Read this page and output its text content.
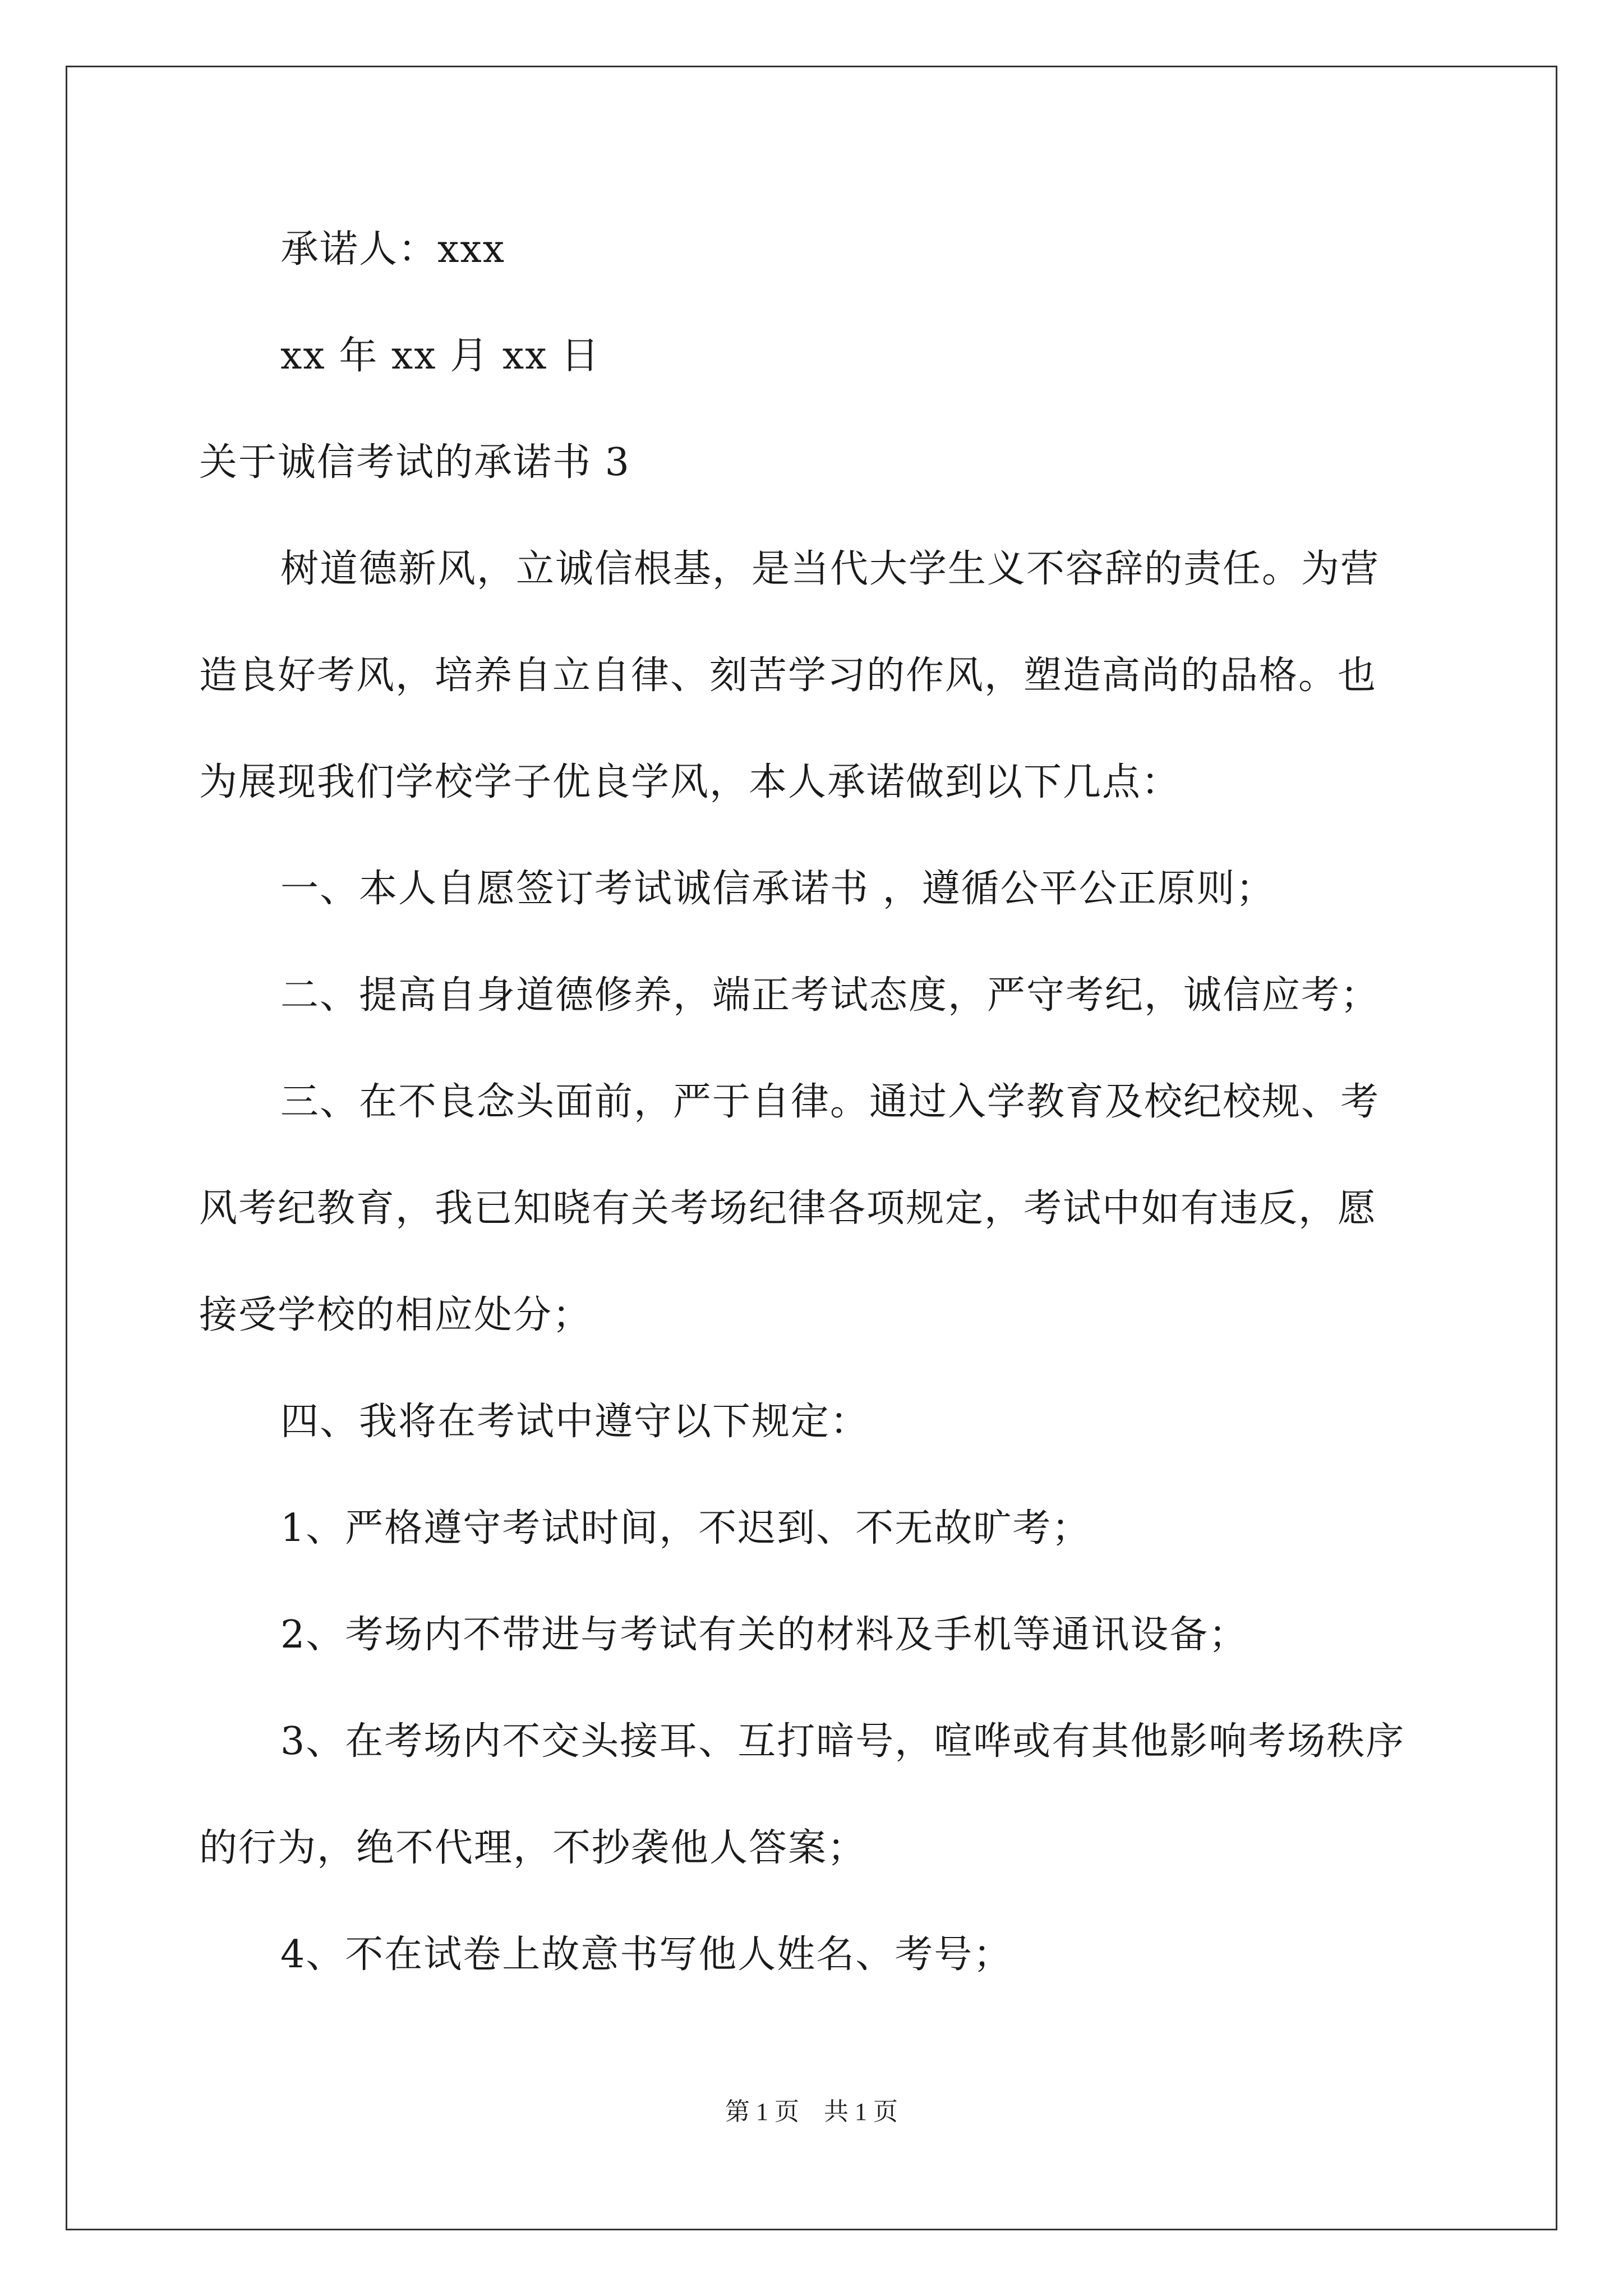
承诺人：xxx
xx 年 xx 月 xx 日
关于诚信考试的承诺书 3
树道德新风，立诚信根基，是当代大学生义不容辞的责任。为营
造良好考风，培养自立自律、刻苦学习的作风，塑造高尚的品格。也
为展现我们学校学子优良学风，本人承诺做到以下几点：
一、本人自愿签订考试诚信承诺书 ，遵循公平公正原则；
二、提高自身道德修养，端正考试态度，严守考纪，诚信应考；
三、在不良念头面前，严于自律。通过入学教育及校纪校规、考
风考纪教育，我已知晓有关考场纪律各项规定，考试中如有违反，愿
接受学校的相应处分；
四、我将在考试中遵守以下规定：
1、严格遵守考试时间，不迟到、不无故旷考；
2、考场内不带进与考试有关的材料及手机等通讯设备；
3、在考场内不交头接耳、互打暗号，喧哗或有其他影响考场秩序
的行为，绝不代理，不抄袭他人答案；
4、不在试卷上故意书写他人姓名、考号；
第 1 页　共 1 页
